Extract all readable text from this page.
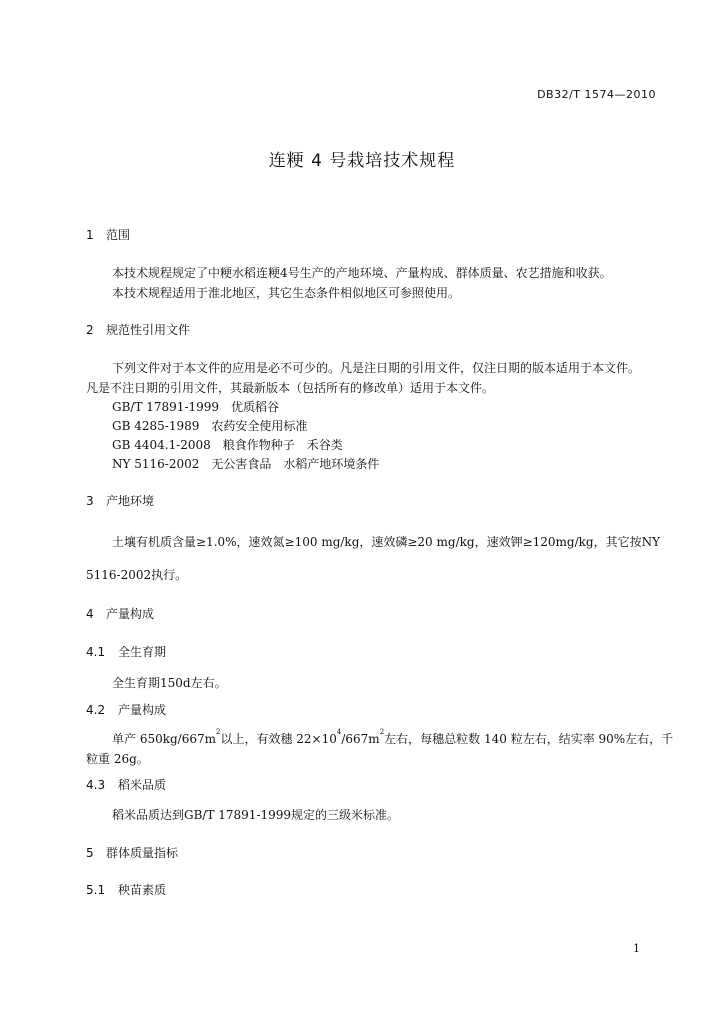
DB32/T 1574—2010
连粳 4 号栽培技术规程
1 范围
本技术规程规定了中粳水稻连粳4号生产的产地环境、产量构成、群体质量、农艺措施和收获。
本技术规程适用于淮北地区，其它生态条件相似地区可参照使用。
2 规范性引用文件
下列文件对于本文件的应用是必不可少的。凡是注日期的引用文件，仅注日期的版本适用于本文件。
凡是不注日期的引用文件，其最新版本（包括所有的修改单）适用于本文件。
GB/T 17891-1999　优质稻谷
GB 4285-1989　农药安全使用标准
GB 4404.1-2008　粮食作物种子　禾谷类
NY 5116-2002　无公害食品　水稻产地环境条件
3 产地环境
土壤有机质含量≥1.0%，速效氮≥100 mg/kg，速效磷≥20 mg/kg，速效钾≥120mg/kg，其它按NY
5116-2002执行。
4 产量构成
4.1 全生育期
全生育期150d左右。
4.2 产量构成
单产 $650kg/667m^2$以上，有效穗 $22\times 10^4/667m^2$左右，每穗总粒数 140 粒左右，结实率 90%左右，千
粒重 26g。
4.3 稻米品质
稻米品质达到GB/T 17891-1999规定的三级米标准。
5 群体质量指标
5.1 秧苗素质
1
